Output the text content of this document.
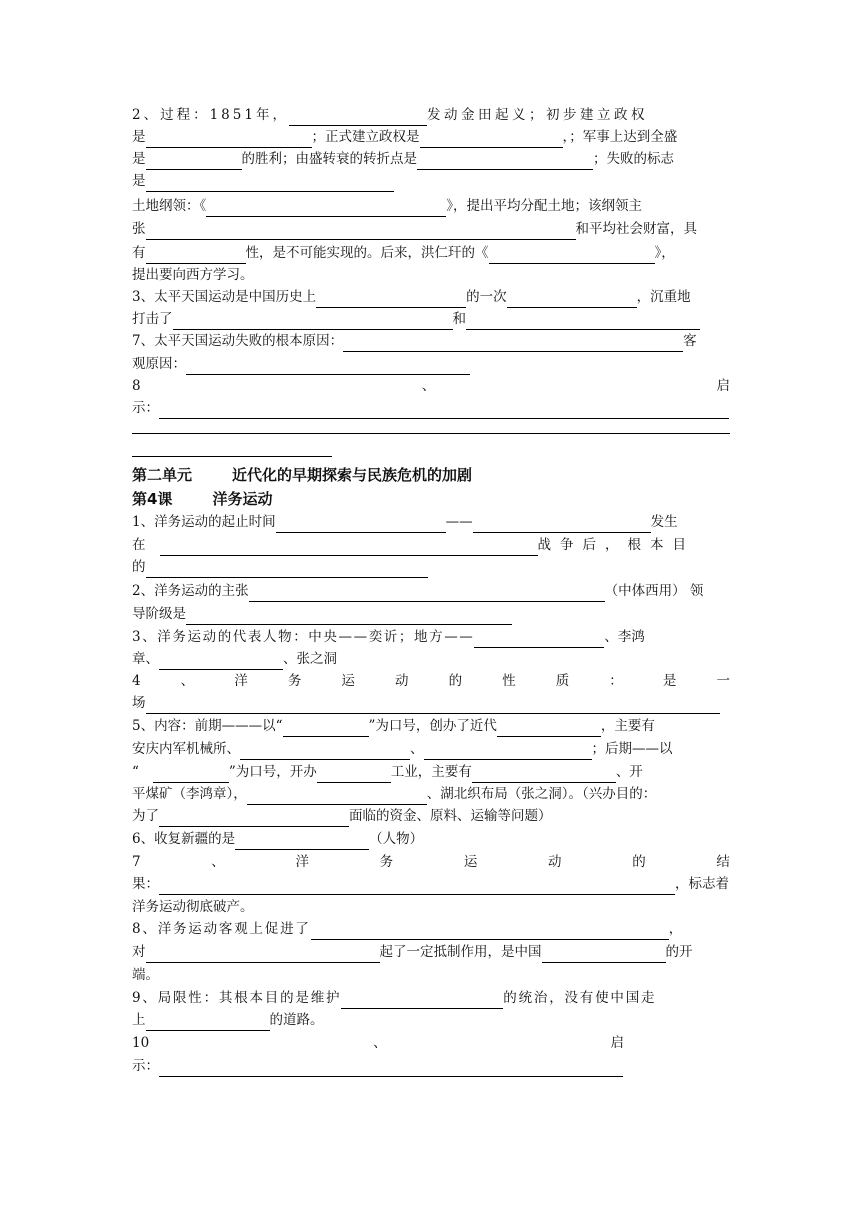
2、过程：1851年，	发动金田起义；初步建立政权
是	；正式建立政权是	，；军事上达到全盛
是	的胜利；由盛转衰的转折点是	；失败的标志
是
土地纲领：《	》，提出平均分配土地；该纲领主
张	和平均社会财富，具
有	性，是不可能实现的。后来，洪仁玕的《	》，
提出要向西方学习。
3、太平天国运动是中国历史上	的一次	，沉重地
打击了	和
7、太平天国运动失败的根本原因：	客
观原因：
8	、	启
示：
第二单元	近代化的早期探索与民族危机的加剧
第4课	洋务运动
1、洋务运动的起止时间	——	发生
在	战争后，根本目
的
2、洋务运动的主张	（中体西用） 领
导阶级是
3、洋务运动的代表人物：中央——奕䜣；地方——	、李鸿
章、	、张之洞
4	、	洋	务	运	动	的	性	质	：	是	一
场
5、内容：前期———以“	”为口号，创办了近代	，主要有
安庆内军机械所、	、	；后期——以
“	”为口号，开办	工业，主要有	、开
平煤矿（李鸿章），	、湖北织布局（张之洞）。（兴办目的：
为了	面临的资金、原料、运输等问题）
6、收复新疆的是	（人物）
7	、	洋	务	运	动	的	结
果：	，标志着
洋务运动彻底破产。
8、洋务运动客观上促进了	，
对	起了一定抵制作用，是中国	的开
端。
9、局限性：其根本目的是维护	的统治，没有使中国走
上	的道路。
10	、	启
示：
